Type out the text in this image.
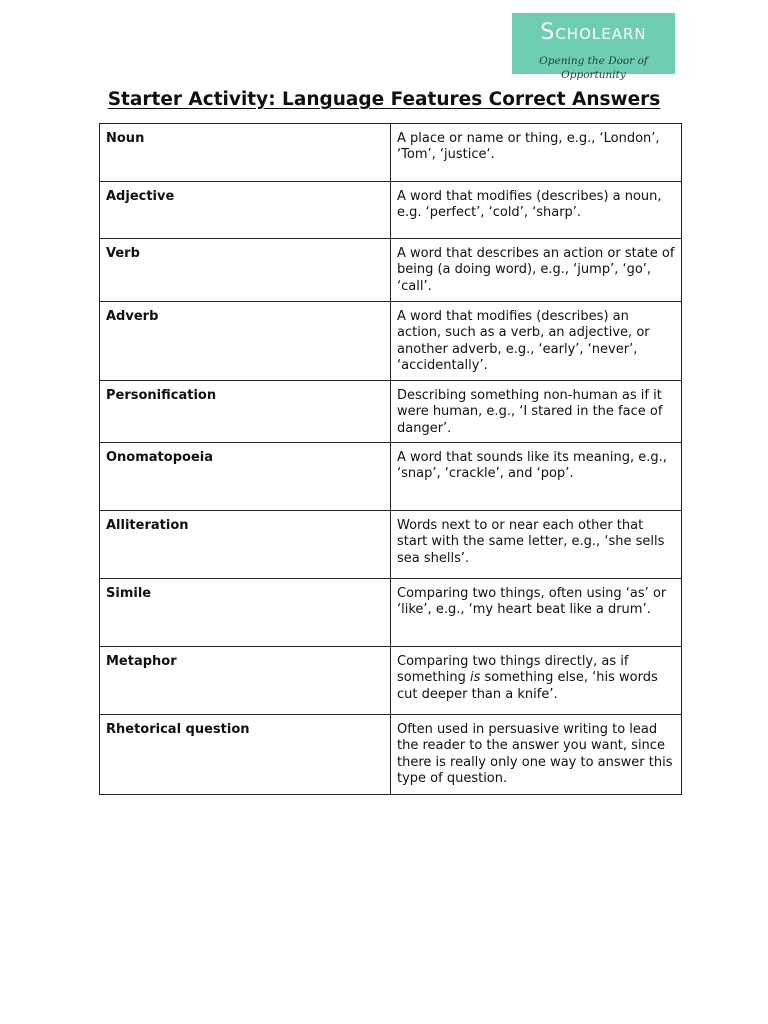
Scholearn
Opening the Door of Opportunity
Starter Activity: Language Features Correct Answers
Noun	A place or name or thing, e.g., ‘London’, ‘Tom’, ‘justice‘.
Adjective	A word that modifies (describes) a noun, e.g. ‘perfect’, ‘cold’, ‘sharp’.
Verb	A word that describes an action or state of being (a doing word), e.g., ‘jump’, ‘go’, ‘call’.
Adverb	A word that modifies (describes) an action, such as a verb, an adjective, or another adverb, e.g., ‘early’, ‘never’, ‘accidentally’.
Personification	Describing something non-human as if it were human, e.g., ‘I stared in the face of danger’.
Onomatopoeia	A word that sounds like its meaning, e.g., ‘snap’, ‘crackle’, and ‘pop’.
Alliteration	Words next to or near each other that start with the same letter, e.g., ‘she sells sea shells’.
Simile	Comparing two things, often using ‘as’ or ‘like’, e.g., ‘my heart beat like a drum’.
Metaphor	Comparing two things directly, as if something is something else, ‘his words cut deeper than a knife’.
Rhetorical question	Often used in persuasive writing to lead the reader to the answer you want, since there is really only one way to answer this type of question.
